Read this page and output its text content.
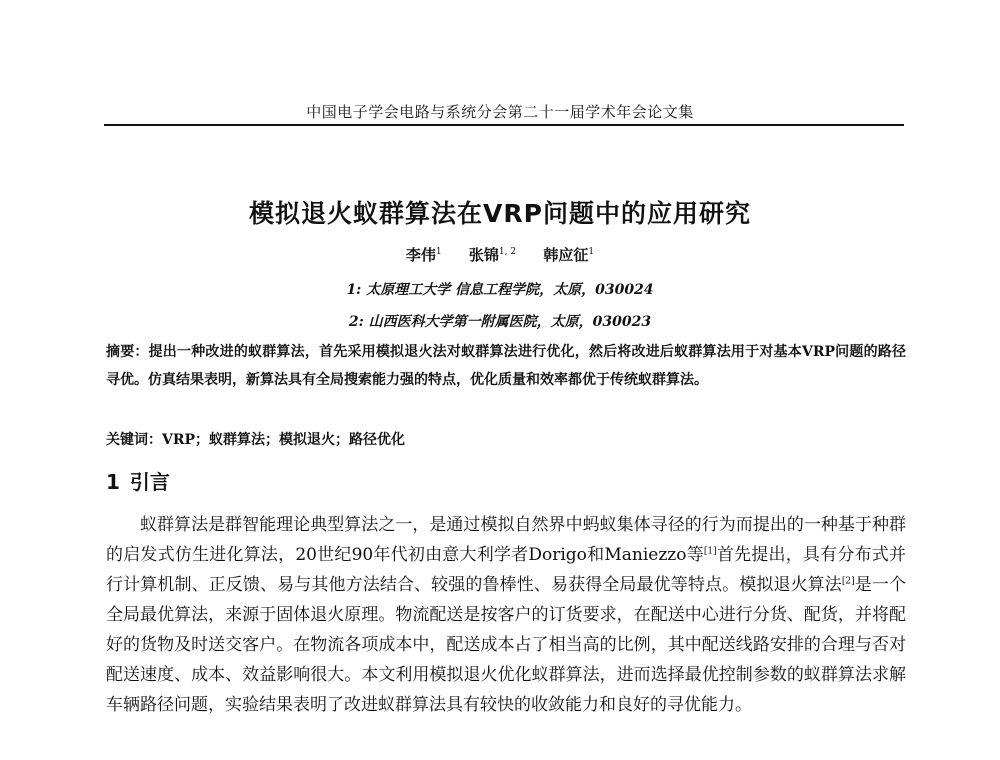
中国电子学会电路与系统分会第二十一届学术年会论文集
模拟退火蚁群算法在VRP问题中的应用研究
李伟$^1$ 张锦$^{1, 2}$ 韩应征$^1$
1: 太原理工大学 信息工程学院，太原，030024
2: 山西医科大学第一附属医院，太原，030023
摘要：提出一种改进的蚁群算法，首先采用模拟退火法对蚁群算法进行优化，然后将改进后蚁群算法用于对基本VRP问题的路径寻优。仿真结果表明，新算法具有全局搜索能力强的特点，优化质量和效率都优于传统蚁群算法。
关键词：VRP；蚁群算法；模拟退火；路径优化
1 引言
蚁群算法是群智能理论典型算法之一，是通过模拟自然界中蚂蚁集体寻径的行为而提出的一种基于种群的启发式仿生进化算法，20世纪90年代初由意大利学者Dorigo和Maniezzo等[1]首先提出，具有分布式并行计算机制、正反馈、易与其他方法结合、较强的鲁棒性、易获得全局最优等特点。模拟退火算法[2]是一个全局最优算法，来源于固体退火原理。物流配送是按客户的订货要求，在配送中心进行分货、配货，并将配好的货物及时送交客户。在物流各项成本中，配送成本占了相当高的比例，其中配送线路安排的合理与否对配送速度、成本、效益影响很大。本文利用模拟退火优化蚁群算法，进而选择最优控制参数的蚁群算法求解车辆路径问题，实验结果表明了改进蚁群算法具有较快的收敛能力和良好的寻优能力。
